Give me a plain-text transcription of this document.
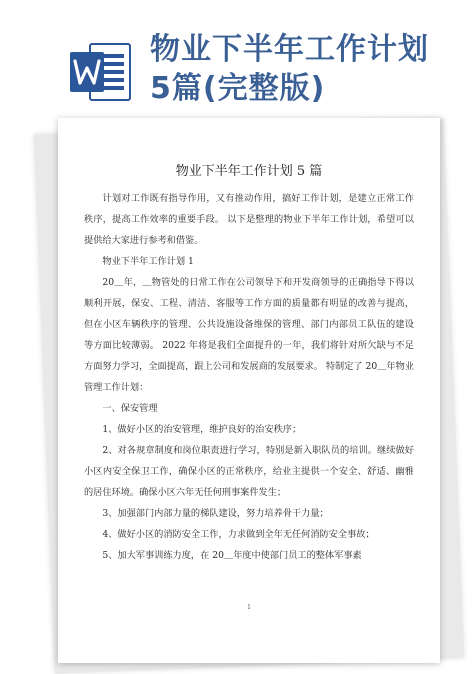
物业下半年工作计划5篇(完整版)
物业下半年工作计划 5 篇

计划对工作既有指导作用，又有推动作用，搞好工作计划，是建立正常工作秩序，提高工作效率的重要手段。 以下是整理的物业下半年工作计划，希望可以提供给大家进行参考和借鉴。

物业下半年工作计划 1

20＿年，＿物管处的日常工作在公司领导下和开发商领导的正确指导下得以顺利开展，保安、工程、清洁、客服等工作方面的质量都有明显的改善与提高， 但在小区车辆秩序的管理、公共设施设备维保的管理、部门内部员工队伍的建设等方面比较薄弱。 2022 年将是我们全面提升的一年，我们将针对所欠缺与不足方面努力学习，全面提高，跟上公司和发展商的发展要求。 特制定了 20＿年物业管理工作计划：

一、保安管理

1、做好小区的治安管理，维护良好的治安秩序；

2、对各规章制度和岗位职责进行学习，特别是新入职队员的培训。继续做好小区内安全保卫工作，确保小区的正常秩序，给业主提供一个安全、舒适、幽雅的居住环境。确保小区六年无任何刑事案件发生；

3、加强部门内部力量的梯队建设，努力培养骨干力量；

4、做好小区的消防安全工作，力求做到全年无任何消防安全事故；

5、加大军事训练力度，在 20＿年度中使部门员工的整体军事素

1
